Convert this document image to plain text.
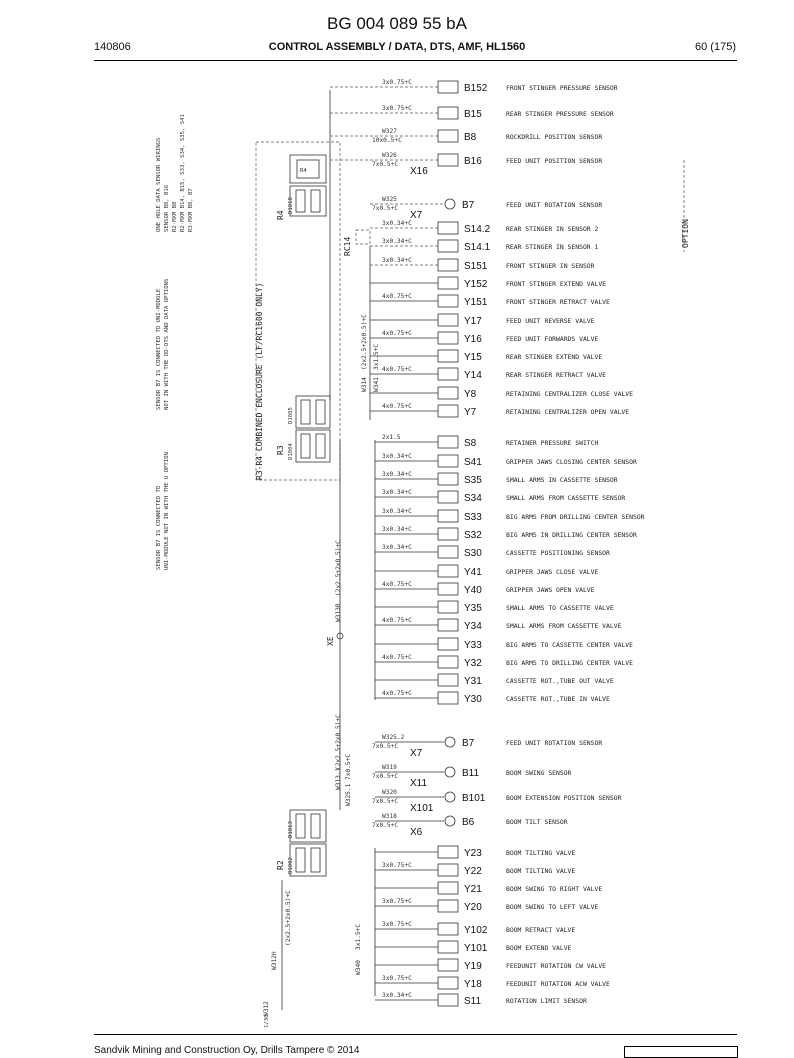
BG 004 089 55 bA
140806	CONTROL ASSEMBLY / DATA, DTS, AMF, HL1560	60 (175)
R3-R4 COMBINED ENCLOSURE (LF/RC1600 ONLY)
R4
R4
D1018
R3 D1004
D1005
R2 D1002
D1013
ONE HOLE DATA SENSOR WIRINGS SENSOR B8, B16 R2-MXM B8 R2-MXM B14, B15, S33, S34, S35, S41 R3-MXM B8, B7
SENSOR B7 IS CONNECTED TO UNI-MODULE NOT IN WITH THE OD-DTS AND DATA OPTIONS
SENSOR B7 IS CONNECTED TO UNI-MODULE NOT IN WITH THE U OPTION
RC14	OPTION
XE
W314
(2x2.5+2x0.5)+C
W341
3x1.5+C
W313B
(2x2.5+2x0.5)+C
W313.1
(2x2.5+2x0.5)+C
W325.1
7x0.5+C
W340
3x1.5+C
W312
W312H
(2x2.5+2x0.5)+C
1/30
B152	FRONT STINGER PRESSURE SENSOR
3x0.75+C
B15	REAR STINGER PRESSURE SENSOR
3x0.75+C
B8	ROCKDRILL POSITION SENSOR
W327
10x0.5+C
B16	FEED UNIT POSITION SENSOR
W326
7x0.5+C
X16
B7	FEED UNIT ROTATION SENSOR
W325
7x0.5+C
X7
S14.2 REAR STINGER IN SENSOR 2
3x0.34+C
S14.1 REAR STINGER IN SENSOR 1
3x0.34+C
S151	FRONT STINGER IN SENSOR
3x0.34+C
Y152	FRONT STINGER EXTEND VALVE
Y151	FRONT STINGER RETRACT VALVE
4x0.75+C
Y17	FEED UNIT REVERSE VALVE
Y16	FEED UNIT FORWARDS VALVE
4x0.75+C
Y15	REAR STINGER EXTEND VALVE
Y14	REAR STINGER RETRACT VALVE
4x0.75+C
Y8	RETAINING CENTRALIZER CLOSE VALVE
Y7	RETAINING CENTRALIZER OPEN VALVE
4x0.75+C
S8	RETAINER PRESSURE SWITCH
2x1.5
S41	GRIPPER JAWS CLOSING CENTER SENSOR
3x0.34+C
S35	SMALL ARMS IN CASSETTE SENSOR
3x0.34+C
S34	SMALL ARMS FROM CASSETTE SENSOR
3x0.34+C
S33	BIG ARMS FROM DRILLING CENTER SENSOR
3x0.34+C
S32	BIG ARMS IN DRILLING CENTER SENSOR
3x0.34+C
S30	CASSETTE POSITIONING SENSOR
3x0.34+C
Y41	GRIPPER JAWS CLOSE VALVE
Y40	GRIPPER JAWS OPEN VALVE
4x0.75+C
Y35	SMALL ARMS TO CASSETTE VALVE
Y34	SMALL ARMS FROM CASSETTE VALVE
4x0.75+C
Y33	BIG ARMS TO CASSETTE CENTER VALVE
Y32	BIG ARMS TO DRILLING CENTER VALVE
4x0.75+C
Y31	CASSETTE ROT.,TUBE OUT VALVE
Y30	CASSETTE ROT.,TUBE IN VALVE
4x0.75+C
B7	FEED UNIT ROTATION SENSOR
W325.2
7x0.5+C
X7
B11	BOOM SWING SENSOR
W319
7x0.5+C
X11
B101	BOOM EXTENSION POSITION SENSOR
W320
7x0.5+C
X101
B6	BOOM TILT SENSOR
W318
7x0.5+C
X6
Y23	BOOM TILTING VALVE
Y22	BOOM TILTING VALVE
3x0.75+C
Y21	BOOM SWING TO RIGHT VALVE
Y20	BOOM SWING TO LEFT VALVE
3x0.75+C
Y102	BOOM RETRACT VALVE
3x0.75+C
Y101	BOOM EXTEND VALVE
Y19	FEEDUNIT ROTATION CW VALVE
Y18	FEEDUNIT ROTATION ACW VALVE
3x0.75+C
S11	ROTATION LIMIT SENSOR
3x0.34+C
Sandvik Mining and Construction Oy, Drills Tampere © 2014
